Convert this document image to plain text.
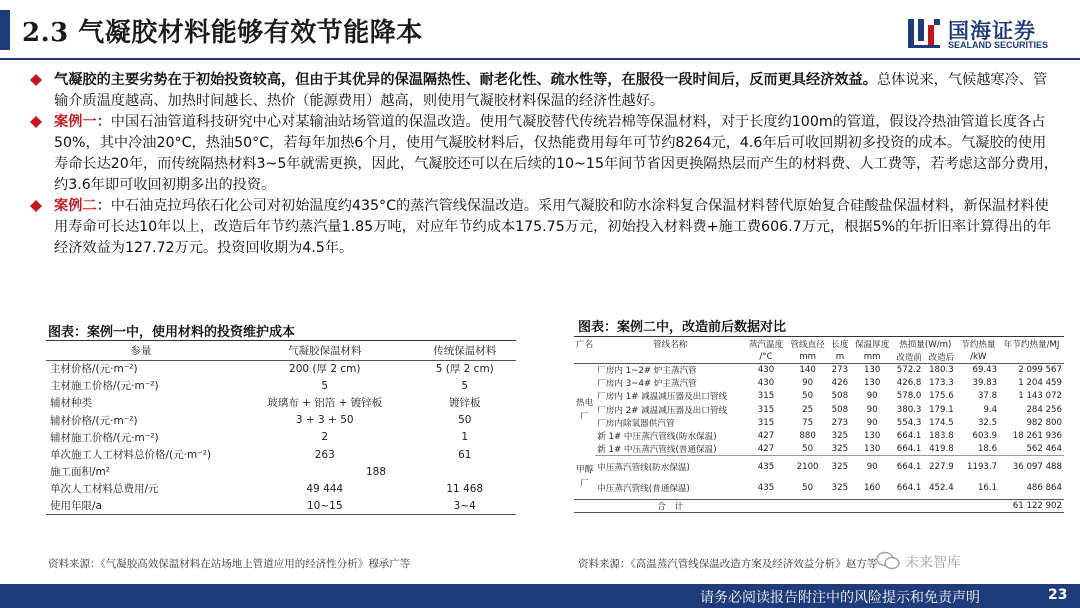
2.3 气凝胶材料能够有效节能降本	国海证券
SEALAND SECURITIES
气凝胶的主要劣势在于初始投资较高，但由于其优异的保温隔热性、耐老化性、疏水性等，在服役一段时间后，反而更具经济效益。总体说来，气候越寒冷、管输介质温度越高、加热时间越长、热价（能源费用）越高，则使用气凝胶材料保温的经济性越好。
案例一：中国石油管道科技研究中心对某输油站场管道的保温改造。使用气凝胶替代传统岩棉等保温材料，对于长度约100m的管道，假设冷热油管道长度各占50%，其中冷油20°C，热油50°C，若每年加热6个月，使用气凝胶材料后，仅热能费用每年可节约8264元，4.6年后可收回期初多投资的成本。气凝胶的使用寿命长达20年，而传统隔热材料3~5年就需更换，因此，气凝胶还可以在后续的10~15年间节省因更换隔热层而产生的材料费、人工费等，若考虑这部分费用，约3.6年即可收回初期多出的投资。
案例二：中石油克拉玛依石化公司对初始温度约435°C的蒸汽管线保温改造。采用气凝胶和防水涂料复合保温材料替代原始复合硅酸盐保温材料，新保温材料使用寿命可长达10年以上，改造后年节约蒸汽量1.85万吨，对应年节约成本175.75万元，初始投入材料费+施工费606.7万元，根据5%的年折旧率计算得出的年经济效益为127.72万元。投资回收期为4.5年。
图表：案例一中，使用材料的投资维护成本
参量	气凝胶保温材料	传统保温材料
主材价格/(元·m⁻²)	200 (厚 2 cm)	5 (厚 2 cm)
主材施工价格/(元·m⁻²)	5	5
辅材种类	玻璃布 + 铝箔 + 镀锌板	镀锌板
辅材价格/(元·m⁻²)	3 + 3 + 50	50
辅材施工价格/(元·m⁻²)	2	1
单次施工人工材料总价格/(元·m⁻²)	263	61
施工面积/m²	188	
单次人工材料总费用/元	49 444	11 468
使用年限/a	10~15	3~4
资料来源：《气凝胶高效保温材料在站场地上管道应用的经济性分析》穆承广等
图表：案例二中，改造前后数据对比
广名	管线名称	蒸汽温度	管线直径	长度	保温厚度	热损量(W/m)		节约热量	年节约热量/MJ
		/°C	mm	m	mm	改造前	改造后	/kW	
热电厂	厂房内 1~2# 炉主蒸汽管	430	140	273	130	572.2	180.3	69.43	2 099 567
	厂房内 3~4# 炉主蒸汽管	430	90	426	130	426.8	173.3	39.83	1 204 459
	厂房内 1# 减温减压器及出口管线	315	50	508	90	578.0	175.6	37.8	1 143 072
	厂房内 2# 减温减压器及出口管线	315	25	508	90	380.3	179.1	9.4	284 256
	厂房内除氧器供汽管	315	75	273	90	554.3	174.5	32.5	982 800
	新 1# 中压蒸汽管线(防水保温)	427	880	325	130	664.1	183.8	603.9	18 261 936
	新 1# 中压蒸汽管线(普通保温)	427	50	325	130	664.1	419.8	18.6	562 464
甲醇厂	中压蒸汽管线(防水保温)	435	2100	325	90	664.1	227.9	1193.7	36 097 488
	中压蒸汽管线(普通保温)	435	50	325	160	664.1	452.4	16.1	486 864
	合　计								61 122 902
资料来源：《高温蒸汽管线保温改造方案及经济效益分析》赵方等 未来智库
请务必阅读报告附注中的风险提示和免责声明	23
